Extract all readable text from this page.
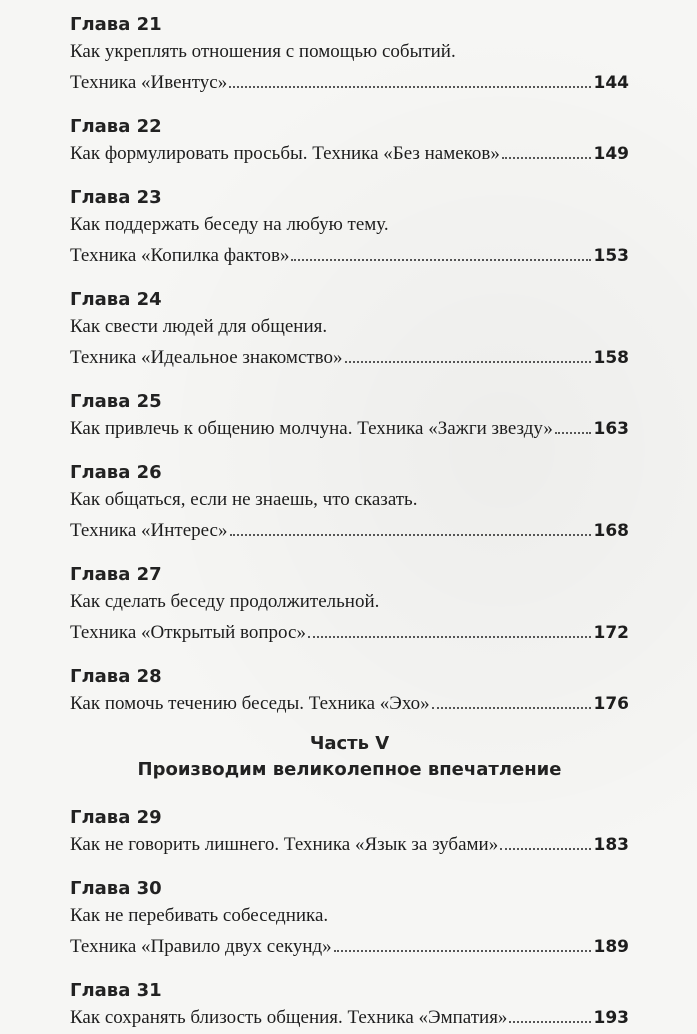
Глава 21
Как укреплять отношения с помощью событий.
Техника «Ивентус»	144
Глава 22
Как формулировать просьбы. Техника «Без намеков»	149
Глава 23
Как поддержать беседу на любую тему.
Техника «Копилка фактов»	153
Глава 24
Как свести людей для общения.
Техника «Идеальное знакомство»	158
Глава 25
Как привлечь к общению молчуна. Техника «Зажги звезду» 163
Глава 26
Как общаться, если не знаешь, что сказать.
Техника «Интерес»	168
Глава 27
Как сделать беседу продолжительной.
Техника «Открытый вопрос»	172
Глава 28
Как помочь течению беседы. Техника «Эхо»	176
Часть V
Производим великолепное впечатление
Глава 29
Как не говорить лишнего. Техника «Язык за зубами»	183
Глава 30
Как не перебивать собеседника.
Техника «Правило двух секунд»	189
Глава 31
Как сохранять близость общения. Техника «Эмпатия»	193
